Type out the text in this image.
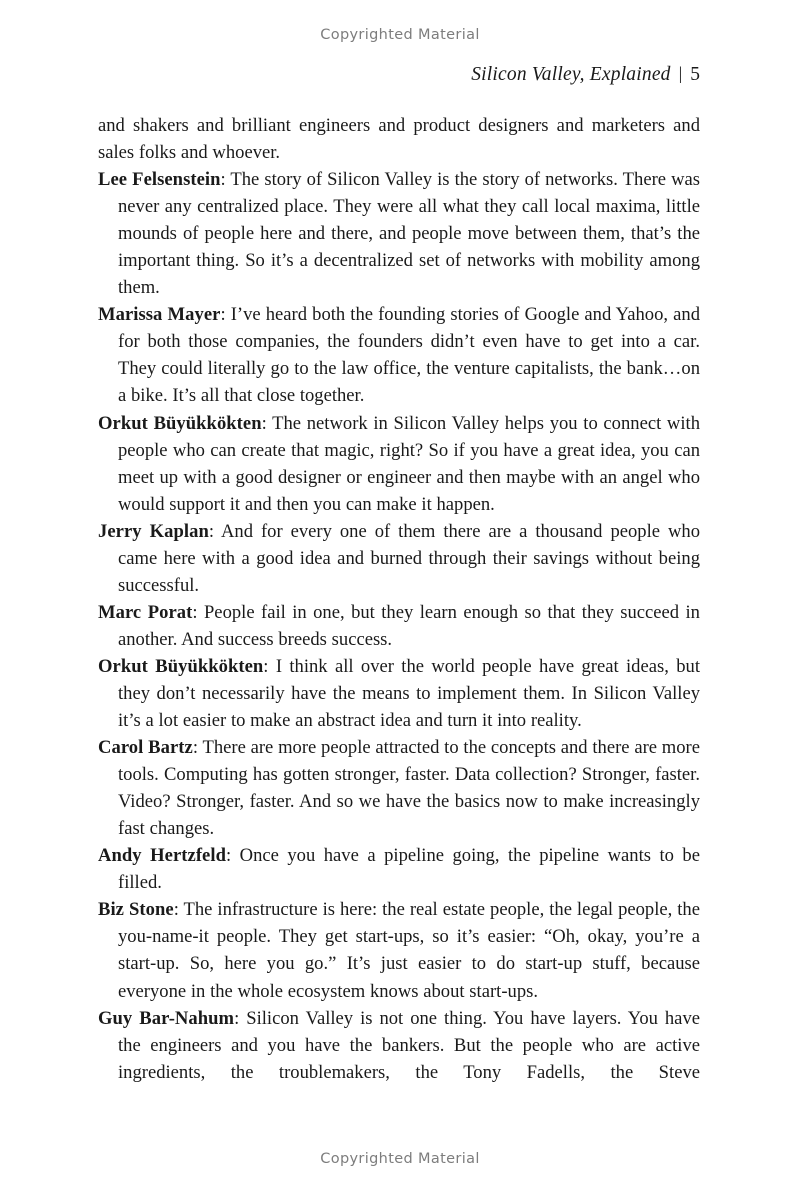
Copyrighted Material
Silicon Valley, Explained | 5

and shakers and brilliant engineers and product designers and marketers and sales folks and whoever.

Lee Felsenstein: The story of Silicon Valley is the story of networks. There was never any centralized place. They were all what they call local maxima, little mounds of people here and there, and people move between them, that’s the important thing. So it’s a decentralized set of networks with mobility among them.

Marissa Mayer: I’ve heard both the founding stories of Google and Yahoo, and for both those companies, the founders didn’t even have to get into a car. They could literally go to the law office, the venture capitalists, the bank…on a bike. It’s all that close together.

Orkut Büyükkökten: The network in Silicon Valley helps you to connect with people who can create that magic, right? So if you have a great idea, you can meet up with a good designer or engineer and then maybe with an angel who would support it and then you can make it happen.

Jerry Kaplan: And for every one of them there are a thousand people who came here with a good idea and burned through their savings without being successful.

Marc Porat: People fail in one, but they learn enough so that they succeed in another. And success breeds success.

Orkut Büyükkökten: I think all over the world people have great ideas, but they don’t necessarily have the means to implement them. In Silicon Valley it’s a lot easier to make an abstract idea and turn it into reality.

Carol Bartz: There are more people attracted to the concepts and there are more tools. Computing has gotten stronger, faster. Data collection? Stronger, faster. Video? Stronger, faster. And so we have the basics now to make increasingly fast changes.

Andy Hertzfeld: Once you have a pipeline going, the pipeline wants to be filled.

Biz Stone: The infrastructure is here: the real estate people, the legal people, the you-name-it people. They get start-ups, so it’s easier: “Oh, okay, you’re a start-up. So, here you go.” It’s just easier to do start-up stuff, because everyone in the whole ecosystem knows about start-ups.

Guy Bar-Nahum: Silicon Valley is not one thing. You have layers. You have the engineers and you have the bankers. But the people who are active ingredients, the troublemakers, the Tony Fadells, the Steve

Copyrighted Material
